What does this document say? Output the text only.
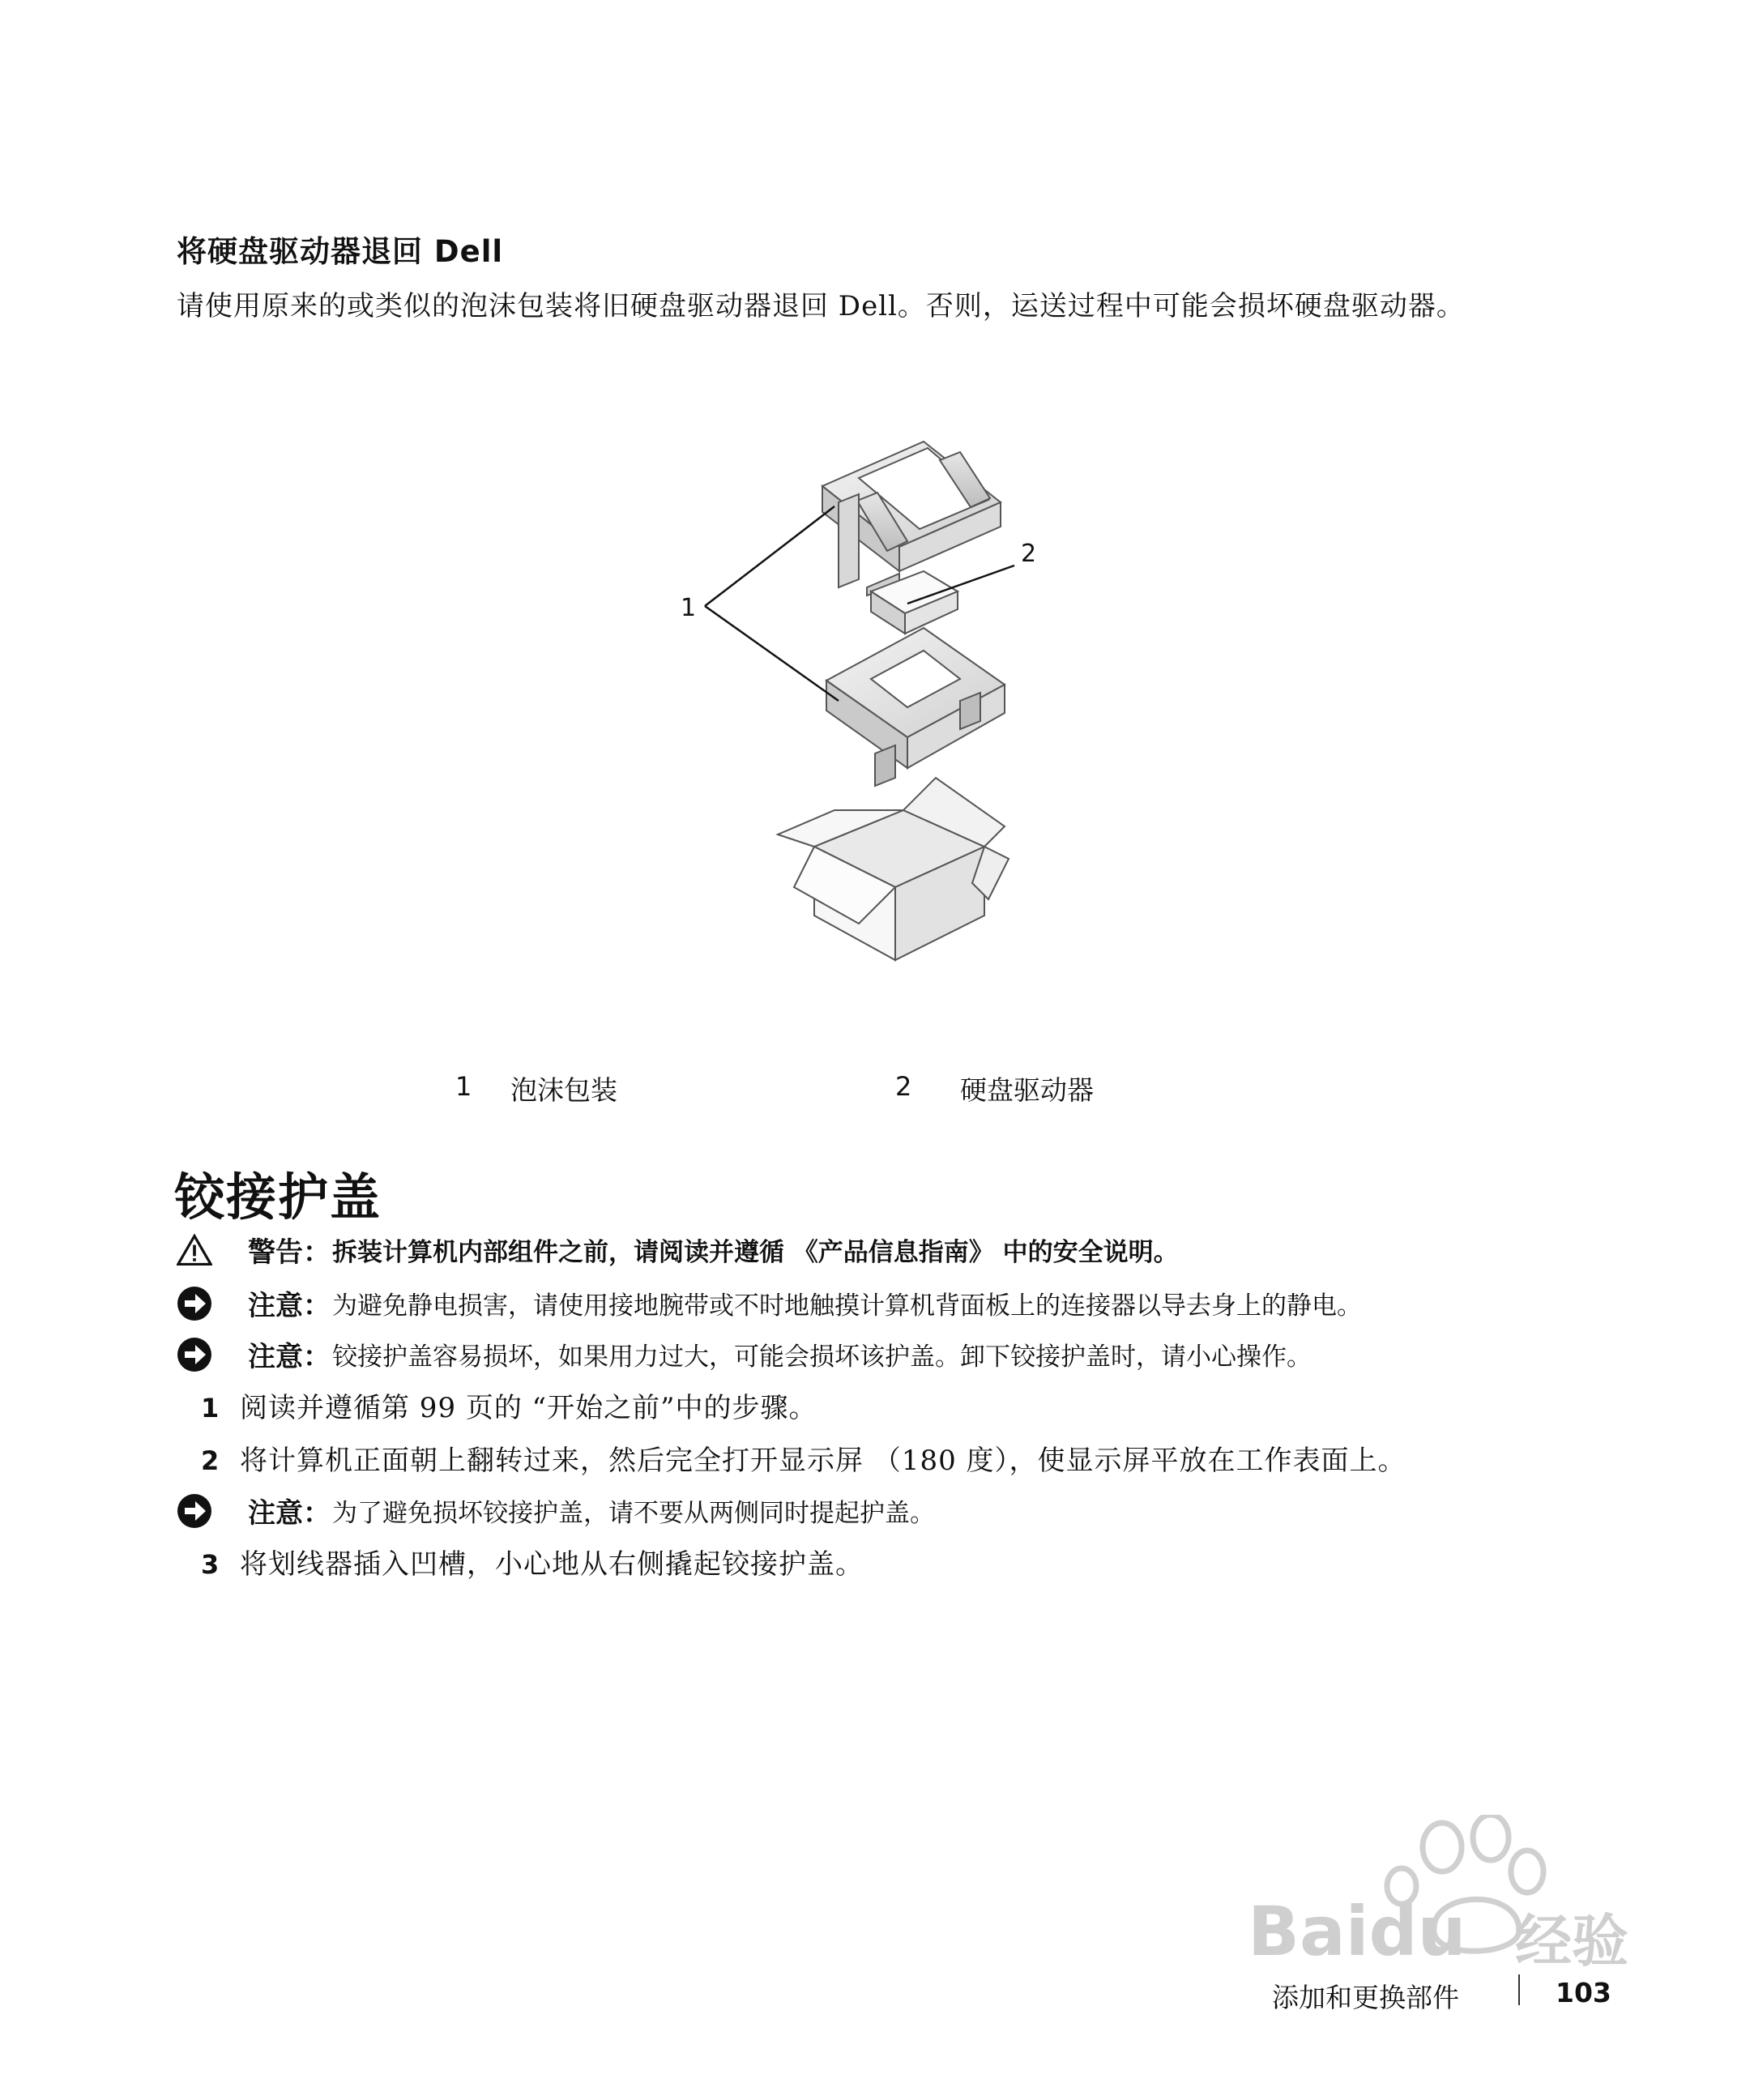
将硬盘驱动器退回 Dell
请使用原来的或类似的泡沫包装将旧硬盘驱动器退回 Dell。否则，运送过程中可能会损坏硬盘驱动器。
1
2
1 泡沫包装	2 硬盘驱动器
铰接护盖
警告： 拆装计算机内部组件之前，请阅读并遵循 《产品信息指南》 中的安全说明。
注意： 为避免静电损害，请使用接地腕带或不时地触摸计算机背面板上的连接器以导去身上的静电。
注意： 铰接护盖容易损坏，如果用力过大，可能会损坏该护盖。卸下铰接护盖时，请小心操作。
1 阅读并遵循第 99 页的 “开始之前”中的步骤。
2 将计算机正面朝上翻转过来，然后完全打开显示屏 （180 度），使显示屏平放在工作表面上。
注意： 为了避免损坏铰接护盖，请不要从两侧同时提起护盖。
3 将划线器插入凹槽，小心地从右侧撬起铰接护盖。
Baidu 经验
添加和更换部件	103
